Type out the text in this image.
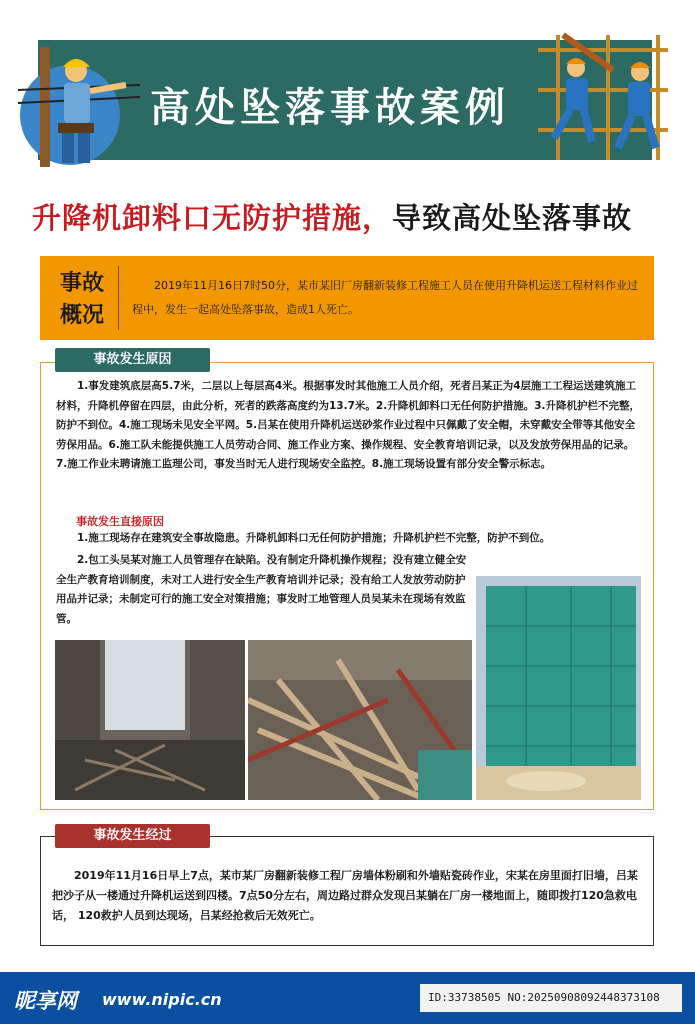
高处坠落事故案例
升降机卸料口无防护措施，导致高处坠落事故
事故
概况
2019年11月16日7时50分，某市某旧厂房翻新装修工程施工人员在使用升降机运送工程材料作业过程中，发生一起高处坠落事故，造成1人死亡。
事故发生原因
1.事发建筑底层高5.7米，二层以上每层高4米。根据事发时其他施工人员介绍，死者吕某正为4层施工工程运送建筑施工材料，升降机停留在四层，由此分析，死者的跌落高度约为13.7米。2.升降机卸料口无任何防护措施。3.升降机护栏不完整，防护不到位。4.施工现场未见安全平网。5.吕某在使用升降机运送砂浆作业过程中只佩戴了安全帽，未穿戴安全带等其他安全劳保用品。6.施工队未能提供施工人员劳动合同、施工作业方案、操作规程、安全教育培训记录，以及发放劳保用品的记录。7.施工作业未聘请施工监理公司，事发当时无人进行现场安全监控。8.施工现场设置有部分安全警示标志。
事故发生直接原因
1.施工现场存在建筑安全事故隐患。升降机卸料口无任何防护措施；升降机护栏不完整，防护不到位。
2.包工头吴某对施工人员管理存在缺陷。没有制定升降机操作规程；没有建立健全安全生产教育培训制度，未对工人进行安全生产教育培训并记录；没有给工人发放劳动防护用品并记录；未制定可行的施工安全对策措施；事发时工地管理人员吴某未在现场有效监管。
事故发生经过
2019年11月16日早上7点，某市某厂房翻新装修工程厂房墙体粉刷和外墙贴瓷砖作业，宋某在房里面打旧墙，吕某把沙子从一楼通过升降机运送到四楼。7点50分左右，周边路过群众发现吕某躺在厂房一楼地面上，随即拨打120急救电话， 120救护人员到达现场，吕某经抢救后无效死亡。
昵享网 www.nipic.cn	ID:33738505 NO:20250908092448373108
